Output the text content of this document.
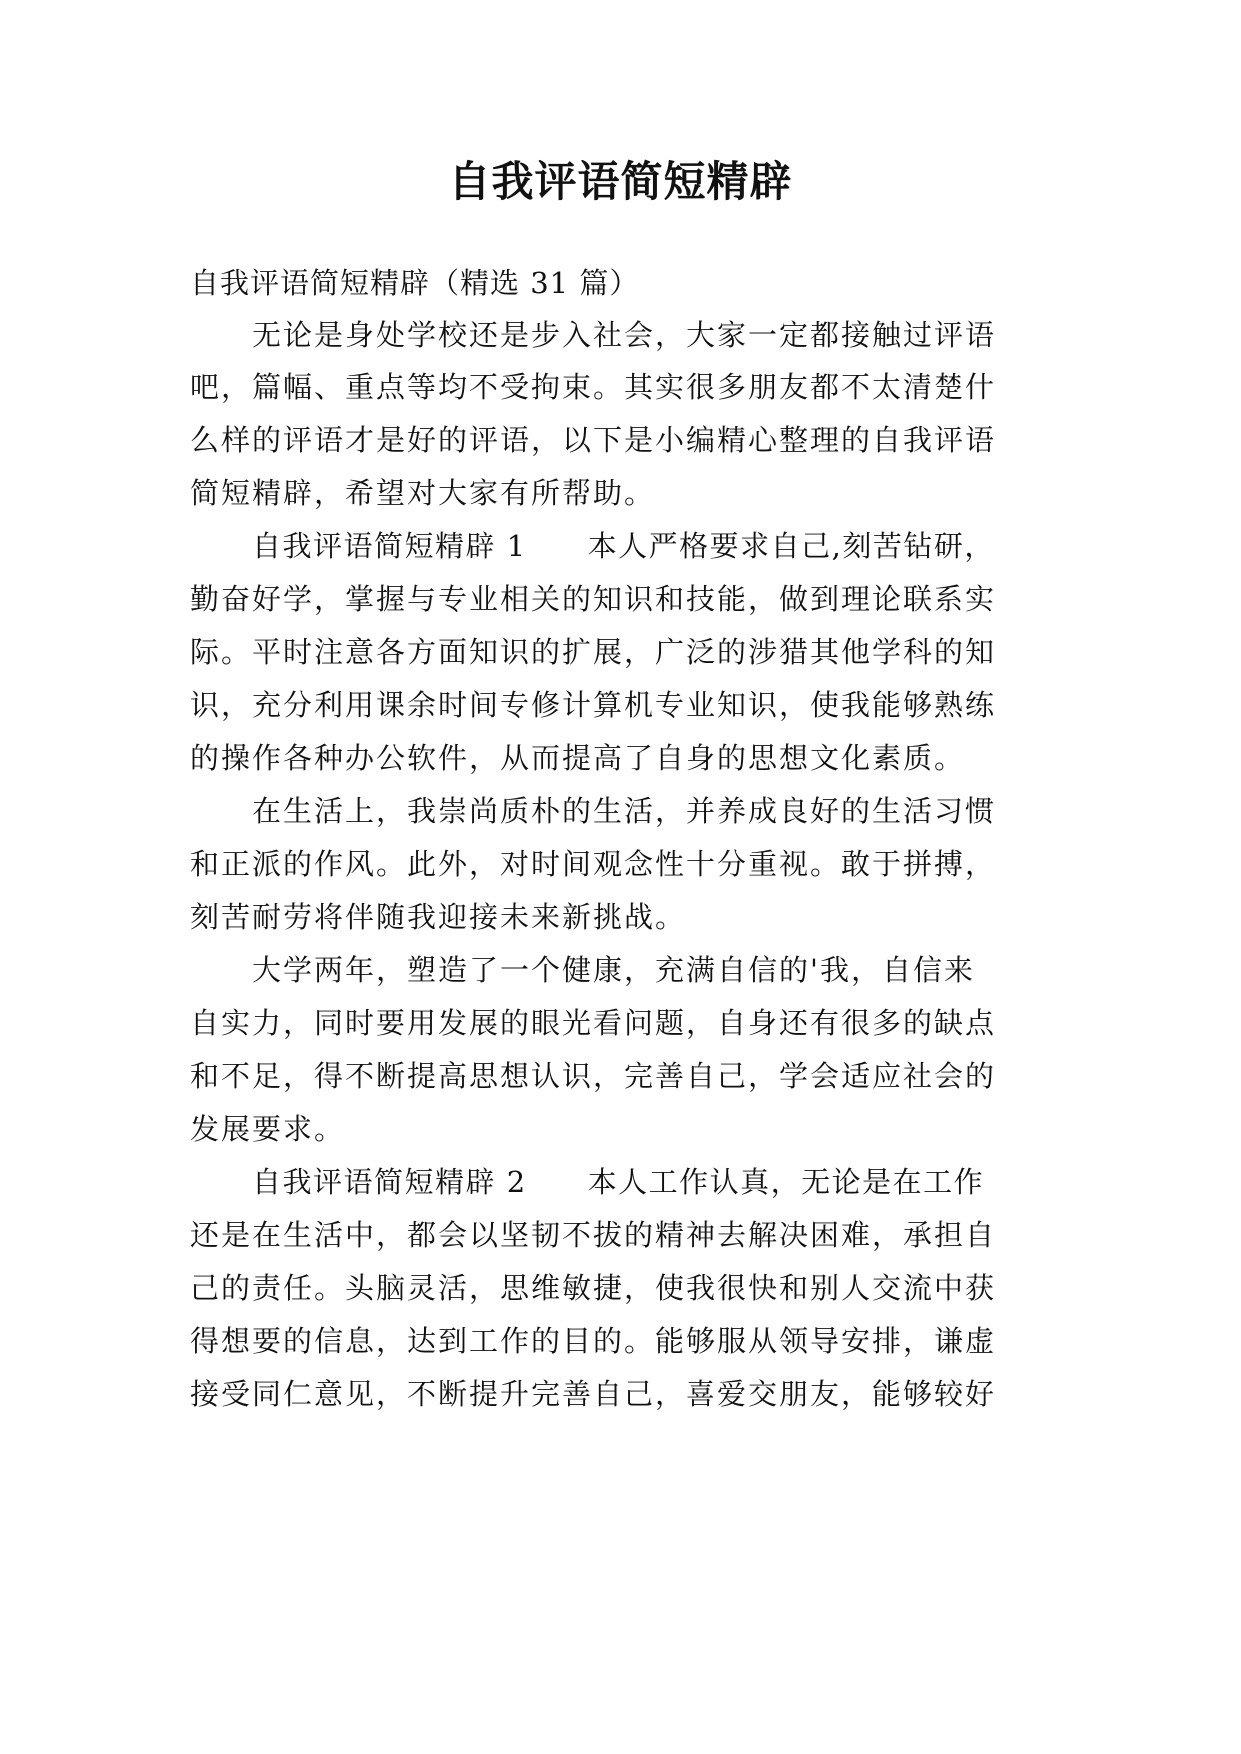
自我评语简短精辟
自我评语简短精辟（精选 31 篇）
无论是身处学校还是步入社会，大家一定都接触过评语
吧，篇幅、重点等均不受拘束。其实很多朋友都不太清楚什
么样的评语才是好的评语，以下是小编精心整理的自我评语
简短精辟，希望对大家有所帮助。
自我评语简短精辟 1　　本人严格要求自己,刻苦钻研，
勤奋好学，掌握与专业相关的知识和技能，做到理论联系实
际。平时注意各方面知识的扩展，广泛的涉猎其他学科的知
识，充分利用课余时间专修计算机专业知识，使我能够熟练
的操作各种办公软件，从而提高了自身的思想文化素质。
在生活上，我崇尚质朴的生活，并养成良好的生活习惯
和正派的作风。此外，对时间观念性十分重视。敢于拼搏，
刻苦耐劳将伴随我迎接未来新挑战。
大学两年，塑造了一个健康，充满自信的'我，自信来
自实力，同时要用发展的眼光看问题，自身还有很多的缺点
和不足，得不断提高思想认识，完善自己，学会适应社会的
发展要求。
自我评语简短精辟 2　　本人工作认真，无论是在工作
还是在生活中，都会以坚韧不拔的精神去解决困难，承担自
己的责任。头脑灵活，思维敏捷，使我很快和别人交流中获
得想要的信息，达到工作的目的。能够服从领导安排，谦虚
接受同仁意见，不断提升完善自己，喜爱交朋友，能够较好
